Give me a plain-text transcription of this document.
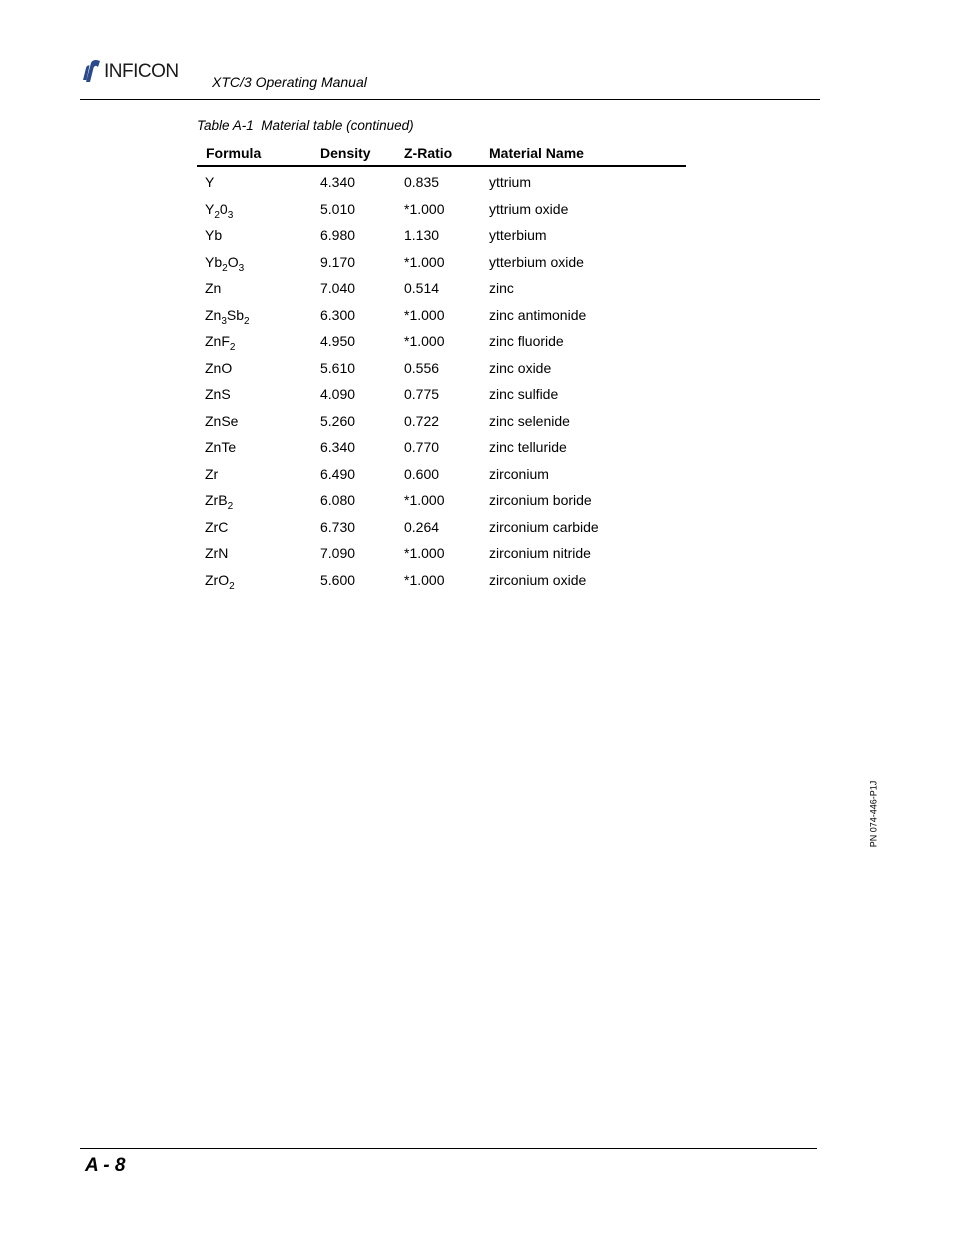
INFICON
XTC/3 Operating Manual
Table A-1  Material table (continued)
Formula	Density	Z-Ratio	Material Name
Y	4.340	0.835	yttrium
$Y_20_3$	5.010	*1.000	yttrium oxide
Yb	6.980	1.130	ytterbium
$Yb_2O_3$	9.170	*1.000	ytterbium oxide
Zn	7.040	0.514	zinc
$Zn_3Sb_2$	6.300	*1.000	zinc antimonide
ZnF$_2$	4.950	*1.000	zinc fluoride
ZnO	5.610	0.556	zinc oxide
ZnS	4.090	0.775	zinc sulfide
ZnSe	5.260	0.722	zinc selenide
ZnTe	6.340	0.770	zinc telluride
Zr	6.490	0.600	zirconium
ZrB$_2$	6.080	*1.000	zirconium boride
ZrC	6.730	0.264	zirconium carbide
ZrN	7.090	*1.000	zirconium nitride
ZrO$_2$	5.600	*1.000	zirconium oxide
PN 074-446-P1J
A - 8
